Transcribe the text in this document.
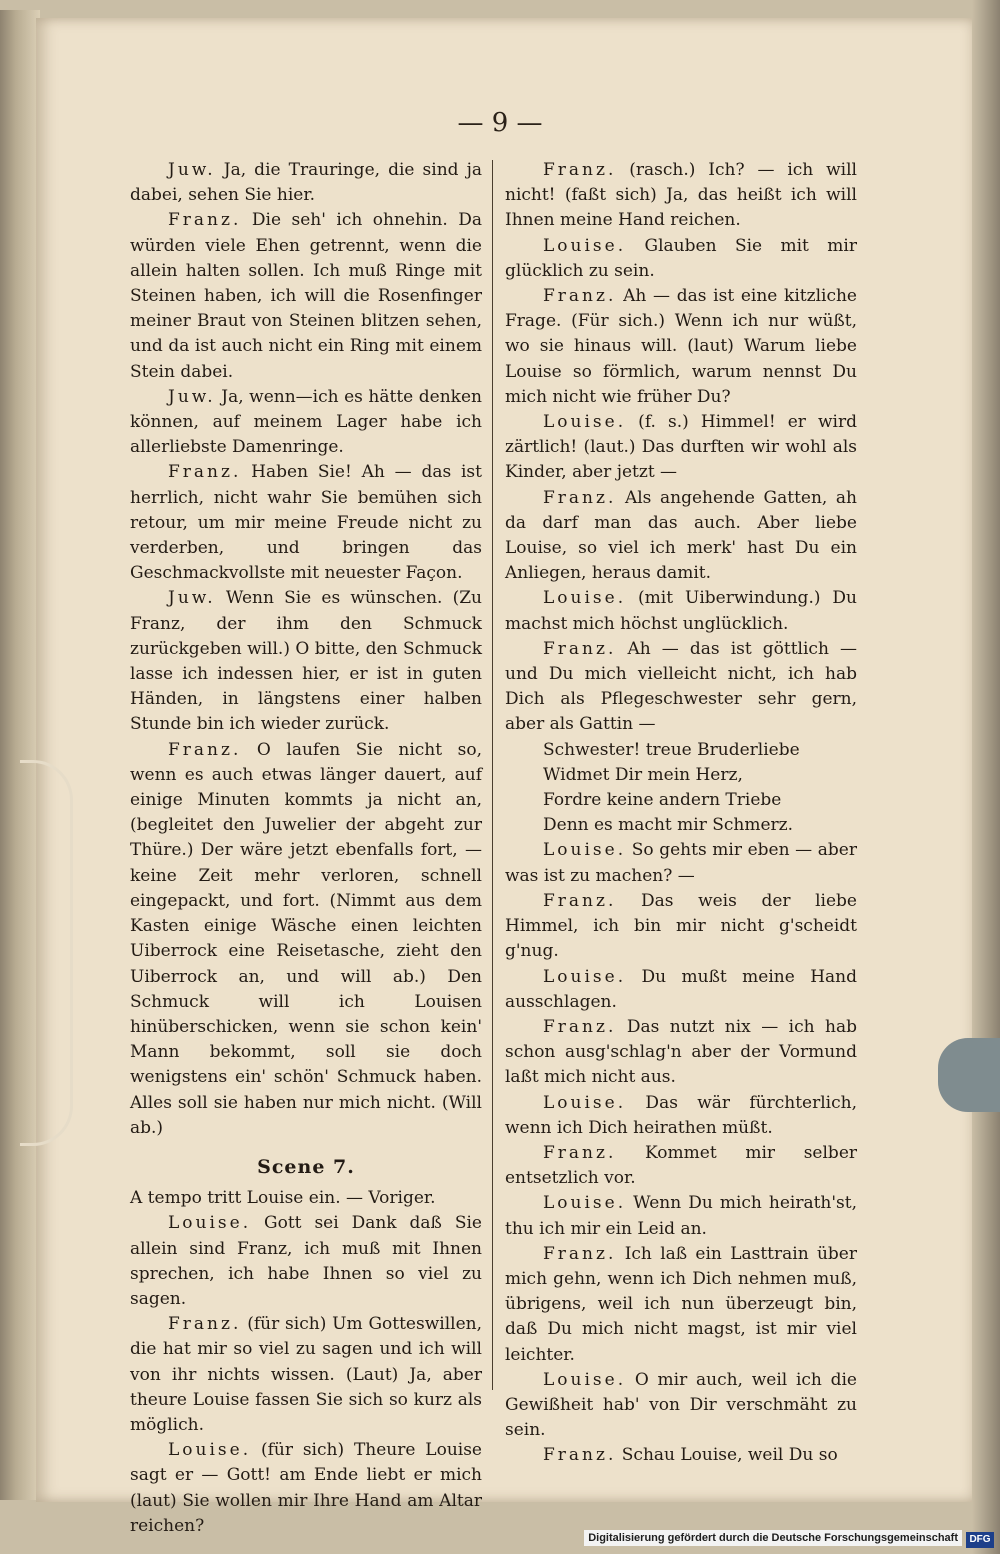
— 9 —

Juw. Ja, die Trauringe, die sind ja dabei, sehen Sie hier.

Franz. Die seh' ich ohnehin. Da würden viele Ehen getrennt, wenn die allein halten sollen. Ich muß Ringe mit Steinen haben, ich will die Rosenfinger meiner Braut von Steinen blitzen sehen, und da ist auch nicht ein Ring mit einem Stein dabei.

Juw. Ja, wenn—ich es hätte denken können, auf meinem Lager habe ich allerliebste Damenringe.

Franz. Haben Sie! Ah — das ist herrlich, nicht wahr Sie bemühen sich retour, um mir meine Freude nicht zu verderben, und bringen das Geschmackvollste mit neuester Façon.

Juw. Wenn Sie es wünschen. (Zu Franz, der ihm den Schmuck zurückgeben will.) O bitte, den Schmuck lasse ich indessen hier, er ist in guten Händen, in längstens einer halben Stunde bin ich wieder zurück.

Franz. O laufen Sie nicht so, wenn es auch etwas länger dauert, auf einige Minuten kommts ja nicht an, (begleitet den Juwelier der abgeht zur Thüre.) Der wäre jetzt ebenfalls fort, — keine Zeit mehr verloren, schnell eingepackt, und fort. (Nimmt aus dem Kasten einige Wäsche einen leichten Uiberrock eine Reisetasche, zieht den Uiberrock an, und will ab.) Den Schmuck will ich Louisen hinüberschicken, wenn sie schon kein' Mann bekommt, soll sie doch wenigstens ein' schön' Schmuck haben. Alles soll sie haben nur mich nicht. (Will ab.)

Scene 7.

A tempo tritt Louise ein. — Voriger.

Louise. Gott sei Dank daß Sie allein sind Franz, ich muß mit Ihnen sprechen, ich habe Ihnen so viel zu sagen.

Franz. (für sich) Um Gotteswillen, die hat mir so viel zu sagen und ich will von ihr nichts wissen. (Laut) Ja, aber theure Louise fassen Sie sich so kurz als möglich.

Louise. (für sich) Theure Louise sagt er — Gott! am Ende liebt er mich (laut) Sie wollen mir Ihre Hand am Altar reichen?

Franz. (rasch.) Ich? — ich will nicht! (faßt sich) Ja, das heißt ich will Ihnen meine Hand reichen.

Louise. Glauben Sie mit mir glücklich zu sein.

Franz. Ah — das ist eine kitzliche Frage. (Für sich.) Wenn ich nur wüßt, wo sie hinaus will. (laut) Warum liebe Louise so förmlich, warum nennst Du mich nicht wie früher Du?

Louise. (f. s.) Himmel! er wird zärtlich! (laut.) Das durften wir wohl als Kinder, aber jetzt —

Franz. Als angehende Gatten, ah da darf man das auch. Aber liebe Louise, so viel ich merk' hast Du ein Anliegen, heraus damit.

Louise. (mit Uiberwindung.) Du machst mich höchst unglücklich.

Franz. Ah — das ist göttlich — und Du mich vielleicht nicht, ich hab Dich als Pflegeschwester sehr gern, aber als Gattin —

Schwester! treue Bruderliebe

Widmet Dir mein Herz,

Fordre keine andern Triebe

Denn es macht mir Schmerz.

Louise. So gehts mir eben — aber was ist zu machen? —

Franz. Das weis der liebe Himmel, ich bin mir nicht g'scheidt g'nug.

Louise. Du mußt meine Hand ausschlagen.

Franz. Das nutzt nix — ich hab schon ausg'schlag'n aber der Vormund laßt mich nicht aus.

Louise. Das wär fürchterlich, wenn ich Dich heirathen müßt.

Franz. Kommet mir selber entsetzlich vor.

Louise. Wenn Du mich heirath'st, thu ich mir ein Leid an.

Franz. Ich laß ein Lasttrain über mich gehn, wenn ich Dich nehmen muß, übrigens, weil ich nun überzeugt bin, daß Du mich nicht magst, ist mir viel leichter.

Louise. O mir auch, weil ich die Gewißheit hab' von Dir verschmäht zu sein.

Franz. Schau Louise, weil Du so

Digitalisierung gefördert durch die Deutsche Forschungsgemeinschaft	DFG
